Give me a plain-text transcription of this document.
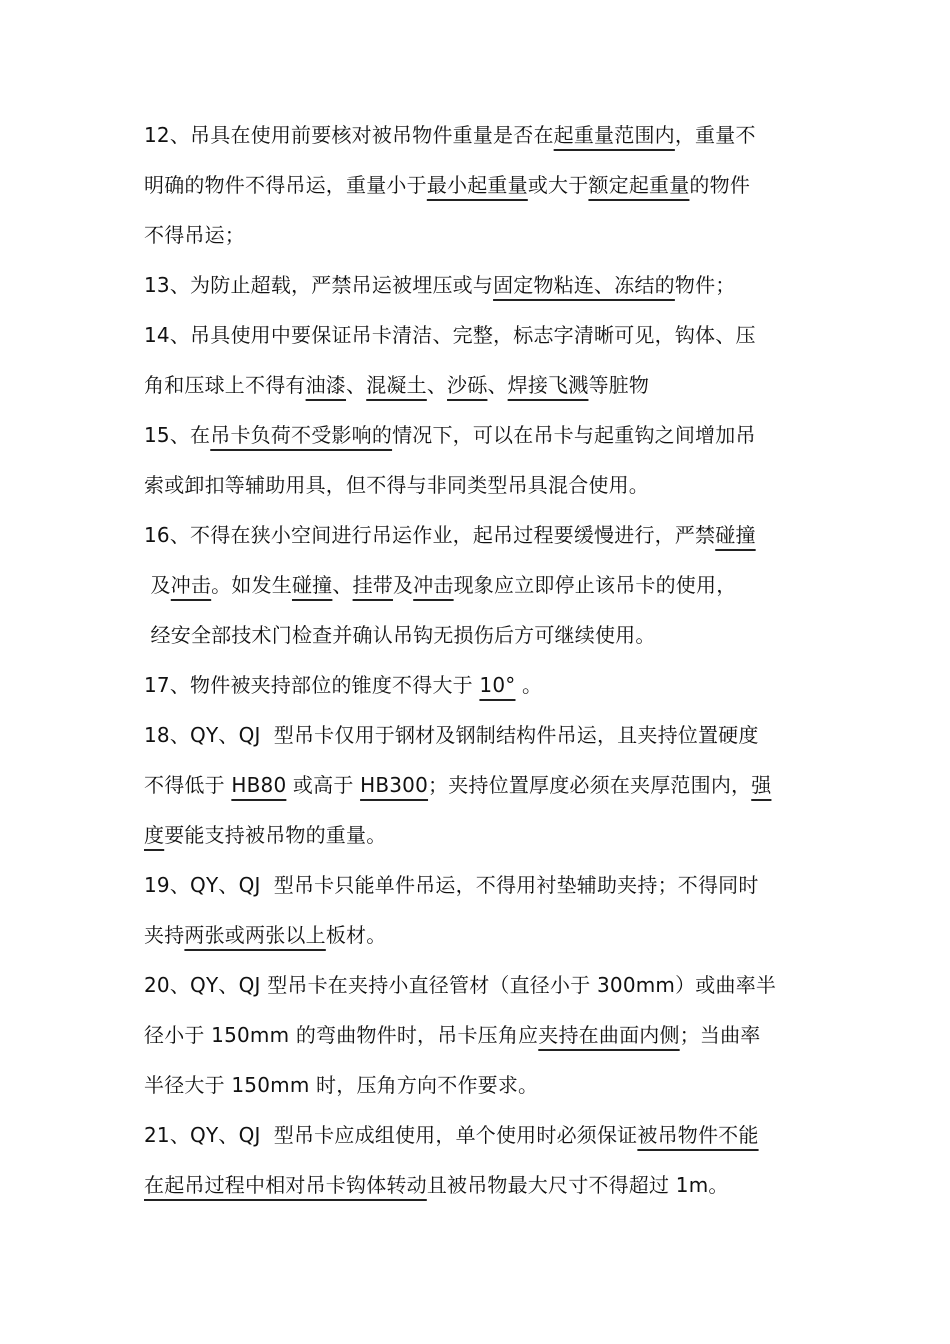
12、吊具在使用前要核对被吊物件重量是否在起重量范围内，重量不
明确的物件不得吊运，重量小于最小起重量或大于额定起重量的物件
不得吊运；
13、为防止超载，严禁吊运被埋压或与固定物粘连、冻结的物件；
14、吊具使用中要保证吊卡清洁、完整，标志字清晰可见，钩体、压
角和压球上不得有油漆、混凝土、沙砾、焊接飞溅等脏物
15、在吊卡负荷不受影响的情况下，可以在吊卡与起重钩之间增加吊
索或卸扣等辅助用具，但不得与非同类型吊具混合使用。
16、不得在狭小空间进行吊运作业，起吊过程要缓慢进行，严禁碰撞
及冲击。如发生碰撞、挂带及冲击现象应立即停止该吊卡的使用，
经安全部技术门检查并确认吊钩无损伤后方可继续使用。
17、物件被夹持部位的锥度不得大于 10° 。
18、QY、QJ  型吊卡仅用于钢材及钢制结构件吊运，且夹持位置硬度
不得低于 HB80 或高于 HB300；夹持位置厚度必须在夹厚范围内，强
度要能支持被吊物的重量。
19、QY、QJ  型吊卡只能单件吊运，不得用衬垫辅助夹持；不得同时
夹持两张或两张以上板材。
20、QY、QJ 型吊卡在夹持小直径管材（直径小于 300mm）或曲率半
径小于 150mm 的弯曲物件时，吊卡压角应夹持在曲面内侧；当曲率
半径大于 150mm 时，压角方向不作要求。
21、QY、QJ  型吊卡应成组使用，单个使用时必须保证被吊物件不能
在起吊过程中相对吊卡钩体转动且被吊物最大尺寸不得超过 1m。
